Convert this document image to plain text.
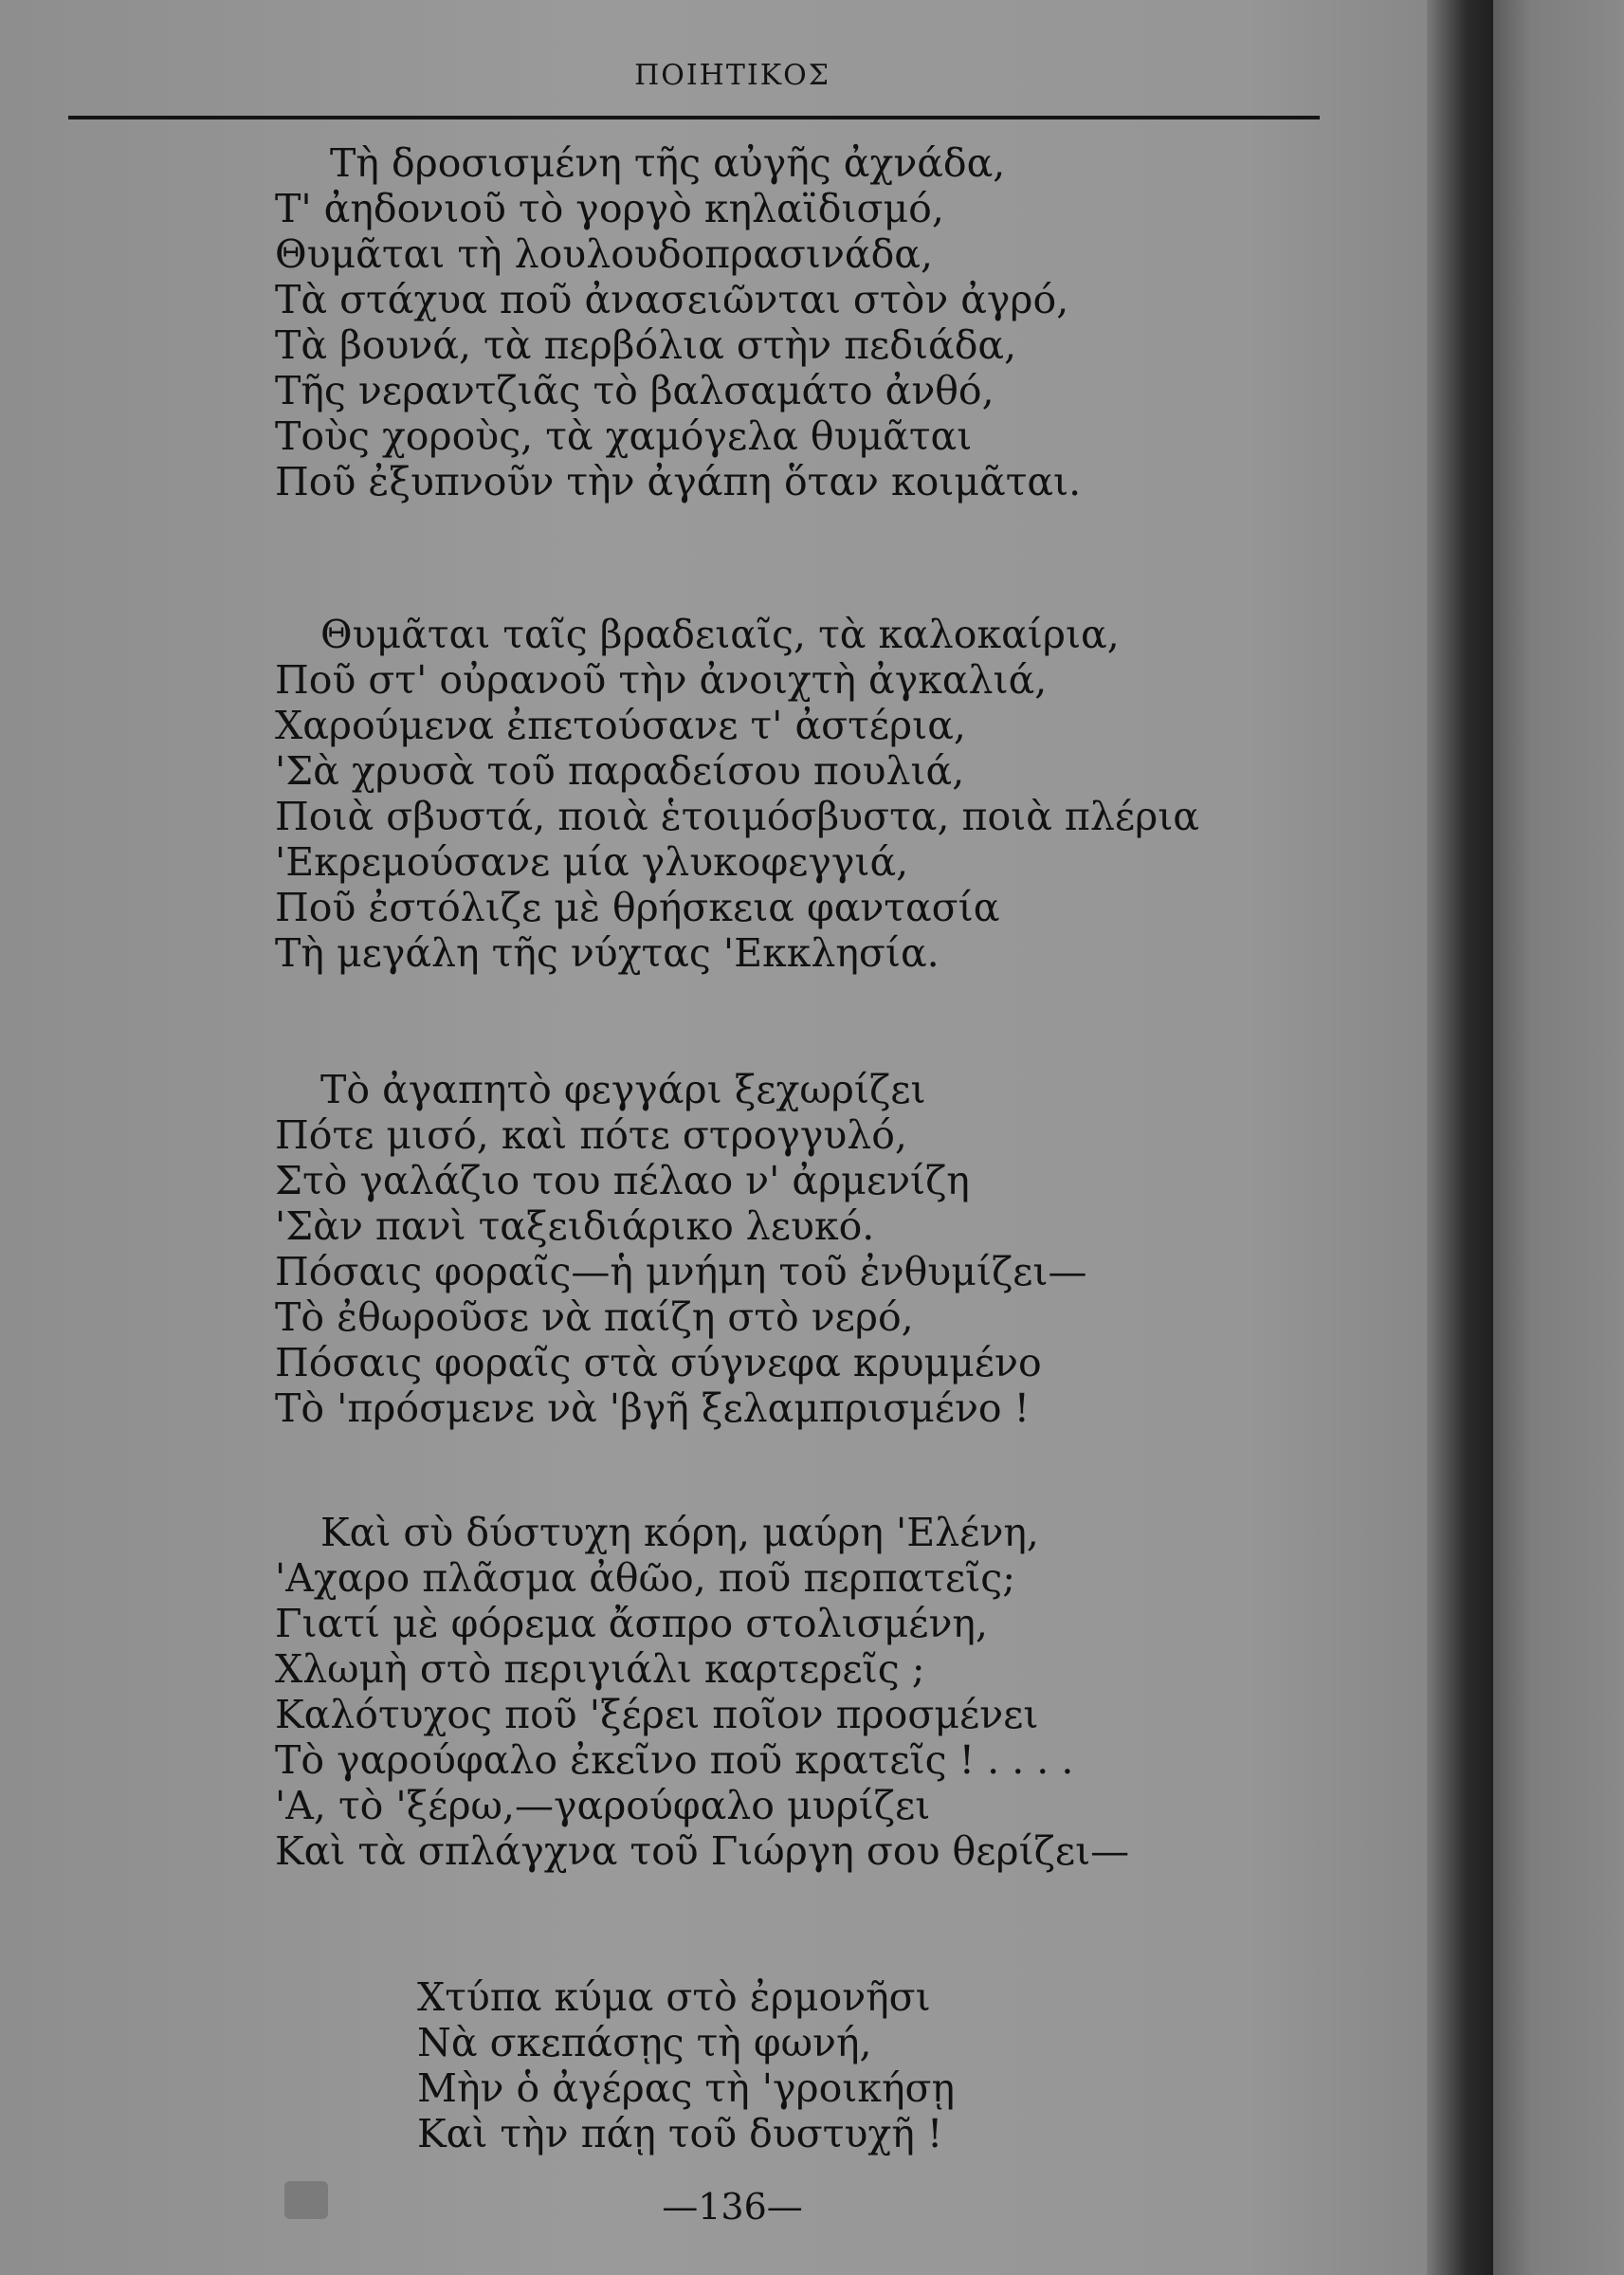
ΠΟΙΗΤΙΚΟΣ
Τὴ δροσισμένη τῆς αὐγῆς ἀχνάδα,
Τ' ἀηδονιοῦ τὸ γοργὸ κηλαϊδισμό,
Θυμᾶται τὴ λουλουδοπρασινάδα,
Τὰ στάχυα ποῦ ἀνασειῶνται στὸν ἀγρό,
Τὰ βουνά, τὰ περβόλια στὴν πεδιάδα,
Τῆς νεραντζιᾶς τὸ βαλσαμάτο ἀνθό,
Τοὺς χοροὺς, τὰ χαμόγελα θυμᾶται
Ποῦ ἐξυπνοῦν τὴν ἀγάπη ὅταν κοιμᾶται.
Θυμᾶται ταῖς βραδειαῖς, τὰ καλοκαίρια,
Ποῦ στ' οὐρανοῦ τὴν ἀνοιχτὴ ἀγκαλιά,
Χαρούμενα ἐπετούσανε τ' ἀστέρια,
'Σὰ χρυσὰ τοῦ παραδείσου πουλιά,
Ποιὰ σβυστά, ποιὰ ἑτοιμόσβυστα, ποιὰ πλέρια
'Εκρεμούσανε μία γλυκοφεγγιά,
Ποῦ ἐστόλιζε μὲ θρήσκεια φαντασία
Τὴ μεγάλη τῆς νύχτας 'Εκκλησία.
Τὸ ἀγαπητὸ φεγγάρι ξεχωρίζει
Πότε μισό, καὶ πότε στρογγυλό,
Στὸ γαλάζιο του πέλαο ν' ἀρμενίζη
'Σὰν πανὶ ταξειδιάρικο λευκό.
Πόσαις φοραῖς—ἡ μνήμη τοῦ ἐνθυμίζει—
Τὸ ἐθωροῦσε νὰ παίζη στὸ νερό,
Πόσαις φοραῖς στὰ σύγνεφα κρυμμένο
Τὸ 'πρόσμενε νὰ 'βγῆ ξελαμπρισμένο !
Καὶ σὺ δύστυχη κόρη, μαύρη 'Ελένη,
'Αχαρο πλᾶσμα ἀθῶο, ποῦ περπατεῖς;
Γιατί μὲ φόρεμα ἄσπρο στολισμένη,
Χλωμὴ στὸ περιγιάλι καρτερεῖς ;
Καλότυχος ποῦ 'ξέρει ποῖον προσμένει
Τὸ γαρούφαλο ἐκεῖνο ποῦ κρατεῖς ! . . . .
'Α, τὸ 'ξέρω,—γαρούφαλο μυρίζει
Καὶ τὰ σπλάγχνα τοῦ Γιώργη σου θερίζει—
Χτύπα κύμα στὸ ἐρμονῆσι
Νὰ σκεπάσῃς τὴ φωνή,
Μὴν ὁ ἀγέρας τὴ 'γροικήσῃ
Καὶ τὴν πάῃ τοῦ δυστυχῆ !
—136—
